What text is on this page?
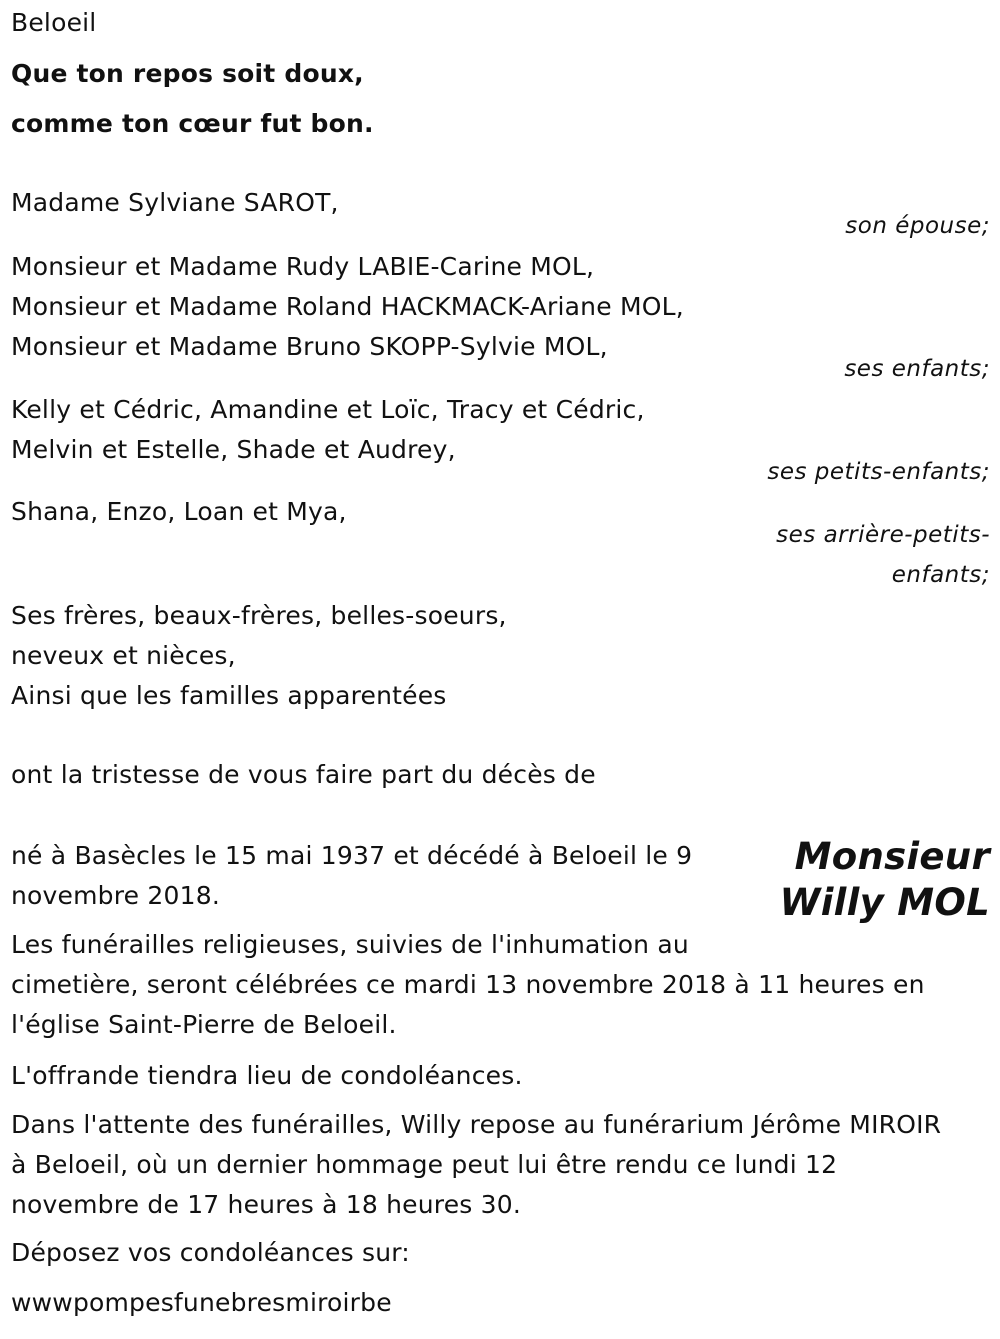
Beloeil
Que ton repos soit doux,
comme ton cœur fut bon.
Madame Sylviane SAROT,
son épouse;
Monsieur et Madame Rudy LABIE-Carine MOL,
Monsieur et Madame Roland HACKMACK-Ariane MOL,
Monsieur et Madame Bruno SKOPP-Sylvie MOL,
ses enfants;
Kelly et Cédric, Amandine et Loïc, Tracy et Cédric,
Melvin et Estelle, Shade et Audrey,
ses petits-enfants;
Shana, Enzo, Loan et Mya,
ses arrière-petits-
enfants;
Ses frères, beaux-frères, belles-soeurs,
neveux et nièces,
Ainsi que les familles apparentées
ont la tristesse de vous faire part du décès de
Monsieur
Willy MOL
né à Basècles le 15 mai 1937 et décédé à Beloeil le 9
novembre 2018.
Les funérailles religieuses, suivies de l'inhumation au
cimetière, seront célébrées ce mardi 13 novembre 2018 à 11 heures en
l'église Saint-Pierre de Beloeil.
L'offrande tiendra lieu de condoléances.
Dans l'attente des funérailles, Willy repose au funérarium Jérôme MIROIR
à Beloeil, où un dernier hommage peut lui être rendu ce lundi 12
novembre de 17 heures à 18 heures 30.
Déposez vos condoléances sur:
wwwpompesfunebresmiroirbe
